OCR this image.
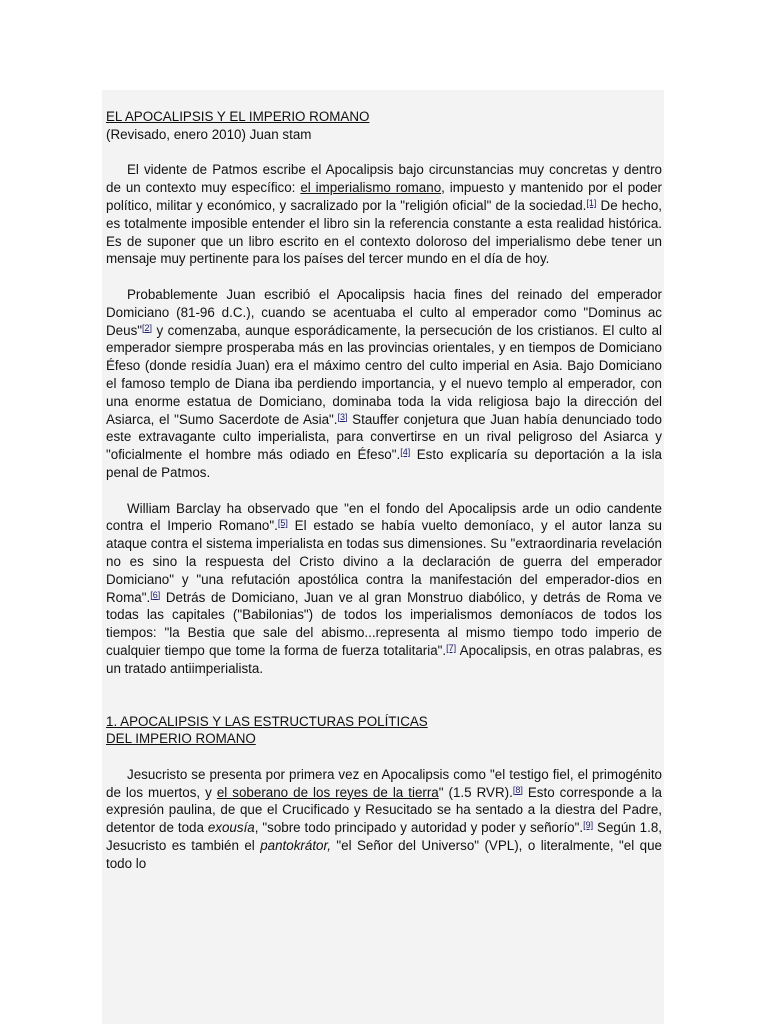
EL APOCALIPSIS Y EL IMPERIO ROMANO

(Revisado, enero 2010) Juan stam

El vidente de Patmos escribe el Apocalipsis bajo circunstancias muy concretas y dentro de un contexto muy específico: el imperialismo romano, impuesto y mantenido por el poder político, militar y económico, y sacralizado por la "religión oficial" de la sociedad.[1] De hecho, es totalmente imposible entender el libro sin la referencia constante a esta realidad histórica. Es de suponer que un libro escrito en el contexto doloroso del imperialismo debe tener un mensaje muy pertinente para los países del tercer mundo en el día de hoy.

Probablemente Juan escribió el Apocalipsis hacia fines del reinado del emperador Domiciano (81-96 d.C.), cuando se acentuaba el culto al emperador como "Dominus ac Deus"[2] y comenzaba, aunque esporádicamente, la persecución de los cristianos. El culto al emperador siempre prosperaba más en las provincias orientales, y en tiempos de Domiciano Éfeso (donde residía Juan) era el máximo centro del culto imperial en Asia. Bajo Domiciano el famoso templo de Diana iba perdiendo importancia, y el nuevo templo al emperador, con una enorme estatua de Domiciano, dominaba toda la vida religiosa bajo la dirección del Asiarca, el "Sumo Sacerdote de Asia".[3] Stauffer conjetura que Juan había denunciado todo este extravagante culto imperialista, para convertirse en un rival peligroso del Asiarca y "oficialmente el hombre más odiado en Éfeso".[4] Esto explicaría su deportación a la isla penal de Patmos.

William Barclay ha observado que "en el fondo del Apocalipsis arde un odio candente contra el Imperio Romano".[5] El estado se había vuelto demoníaco, y el autor lanza su ataque contra el sistema imperialista en todas sus dimensiones. Su "extraordinaria revelación no es sino la respuesta del Cristo divino a la declaración de guerra del emperador Domiciano" y "una refutación apostólica contra la manifestación del emperador-dios en Roma".[6] Detrás de Domiciano, Juan ve al gran Monstruo diabólico, y detrás de Roma ve todas las capitales ("Babilonias") de todos los imperialismos demoníacos de todos los tiempos: "la Bestia que sale del abismo...representa al mismo tiempo todo imperio de cualquier tiempo que tome la forma de fuerza totalitaria".[7] Apocalipsis, en otras palabras, es un tratado antiimperialista.

1. APOCALIPSIS Y LAS ESTRUCTURAS POLÍTICAS

DEL IMPERIO ROMANO

Jesucristo se presenta por primera vez en Apocalipsis como "el testigo fiel, el primogénito de los muertos, y el soberano de los reyes de la tierra" (1.5 RVR).[8] Esto corresponde a la expresión paulina, de que el Crucificado y Resucitado se ha sentado a la diestra del Padre, detentor de toda exousía, "sobre todo principado y autoridad y poder y señorío".[9] Según 1.8, Jesucristo es también el pantokrátor, "el Señor del Universo" (VPL), o literalmente, "el que todo lo
